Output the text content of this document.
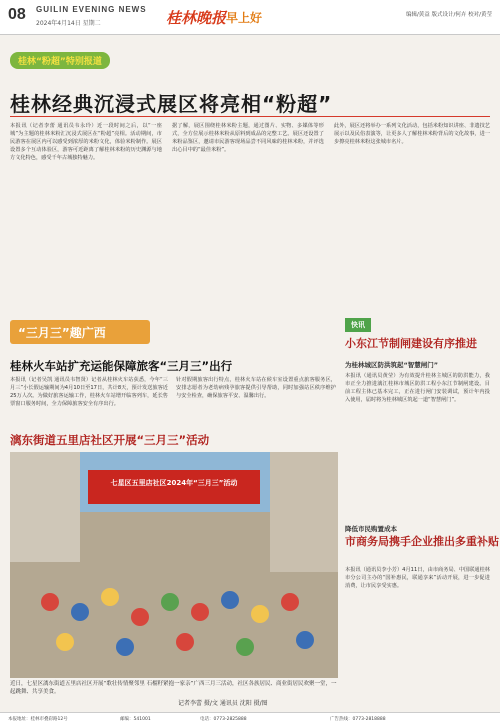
08 GUILIN EVENING NEWS
2024年4月14日 星期二	桂林晚报 早上好	编辑/黄益 版式设计/何卉 校对/黄莹
桂林“粉超”特别报道
桂林经典沉浸式展区将亮相“粉超”
本报讯（记者李蕾 通讯员韦永玲）近一段时间之后，以“一座城”为主题的桂林米粉汇沉浸式展区在“粉超”亮相。活动期间，市民游客在展区内可以感受到浓厚的米粉文化，体验米粉制作。展区设置多个互动体验区，游客可近距离了解桂林米粉的历史渊源与地方文化特色，感受千年古城独特魅力。
据了解，展区围绕桂林米粉主题，通过图片、实物、多媒体等形式，全方位展示桂林米粉从原料到成品的完整工艺。展区还设置了米粉品鉴区，邀请市民游客现场品尝不同风味的桂林米粉，并评选出心目中的“最佳米粉”。
此外，展区还将举办一系列文化活动，包括米粉知识讲座、非遗技艺展示以及民俗表演等，让更多人了解桂林米粉背后的文化故事，进一步擦亮桂林米粉这张城市名片。
“三月三”趣广西
桂林火车站扩充运能保障旅客“三月三”出行
本报讯（记者吴凯 通讯员韦智贤）记者从桂林火车站获悉，今年“三月三”小长假运输期间为4月10日至17日，共计8天，预计发送旅客近25万人次。为做好旅客运输工作，桂林火车站增开临客列车，延长售票窗口服务时间，全力保障旅客安全有序出行。
针对假期旅客出行特点，桂林火车站在候车室设置重点旅客服务区，安排志愿者为老幼病残孕旅客提供引导帮助，同时加强站区秩序维护与安全检查，确保旅客平安、温馨出行。
漓东街道五里店社区开展“三月三”活动
七星区五里店社区2024年“三月三”活动
近日，七星区漓东街道五里店社区开展“歌壮传情聚邻里 石榴籽紧抱一家亲”广西三月三活动，社区各族居民、商业街居民欢聚一堂，一起跳舞、共享美食。
记者李蕾 摄/文 通讯员 沈阳 摄/图
快讯
小东江节制闸建设有序推进
为桂林城区防洪筑起“智慧闸门”
本报讯（通讯员黄莹）为有效提升桂林主城区的防洪能力，我市正全力推进漓江桂林市城区防洪工程小东江节制闸建设。目前工程主体已基本完工，正在进行闸门安装调试，预计年内投入使用，届时将为桂林城区筑起一道“智慧闸门”。
降低市民购置成本
市商务局携手企业推出多重补贴
本报讯（通讯员李小芳）4月11日，由市商务局、中国联通桂林市分公司主办的“国补惠民，联通享来”活动开展，进一步促进消费，让市民享受实惠。
本报地址：桂林市叠彩路12号	邮编：541001	电话：0773-2825888	广告热线：0773-2818888
